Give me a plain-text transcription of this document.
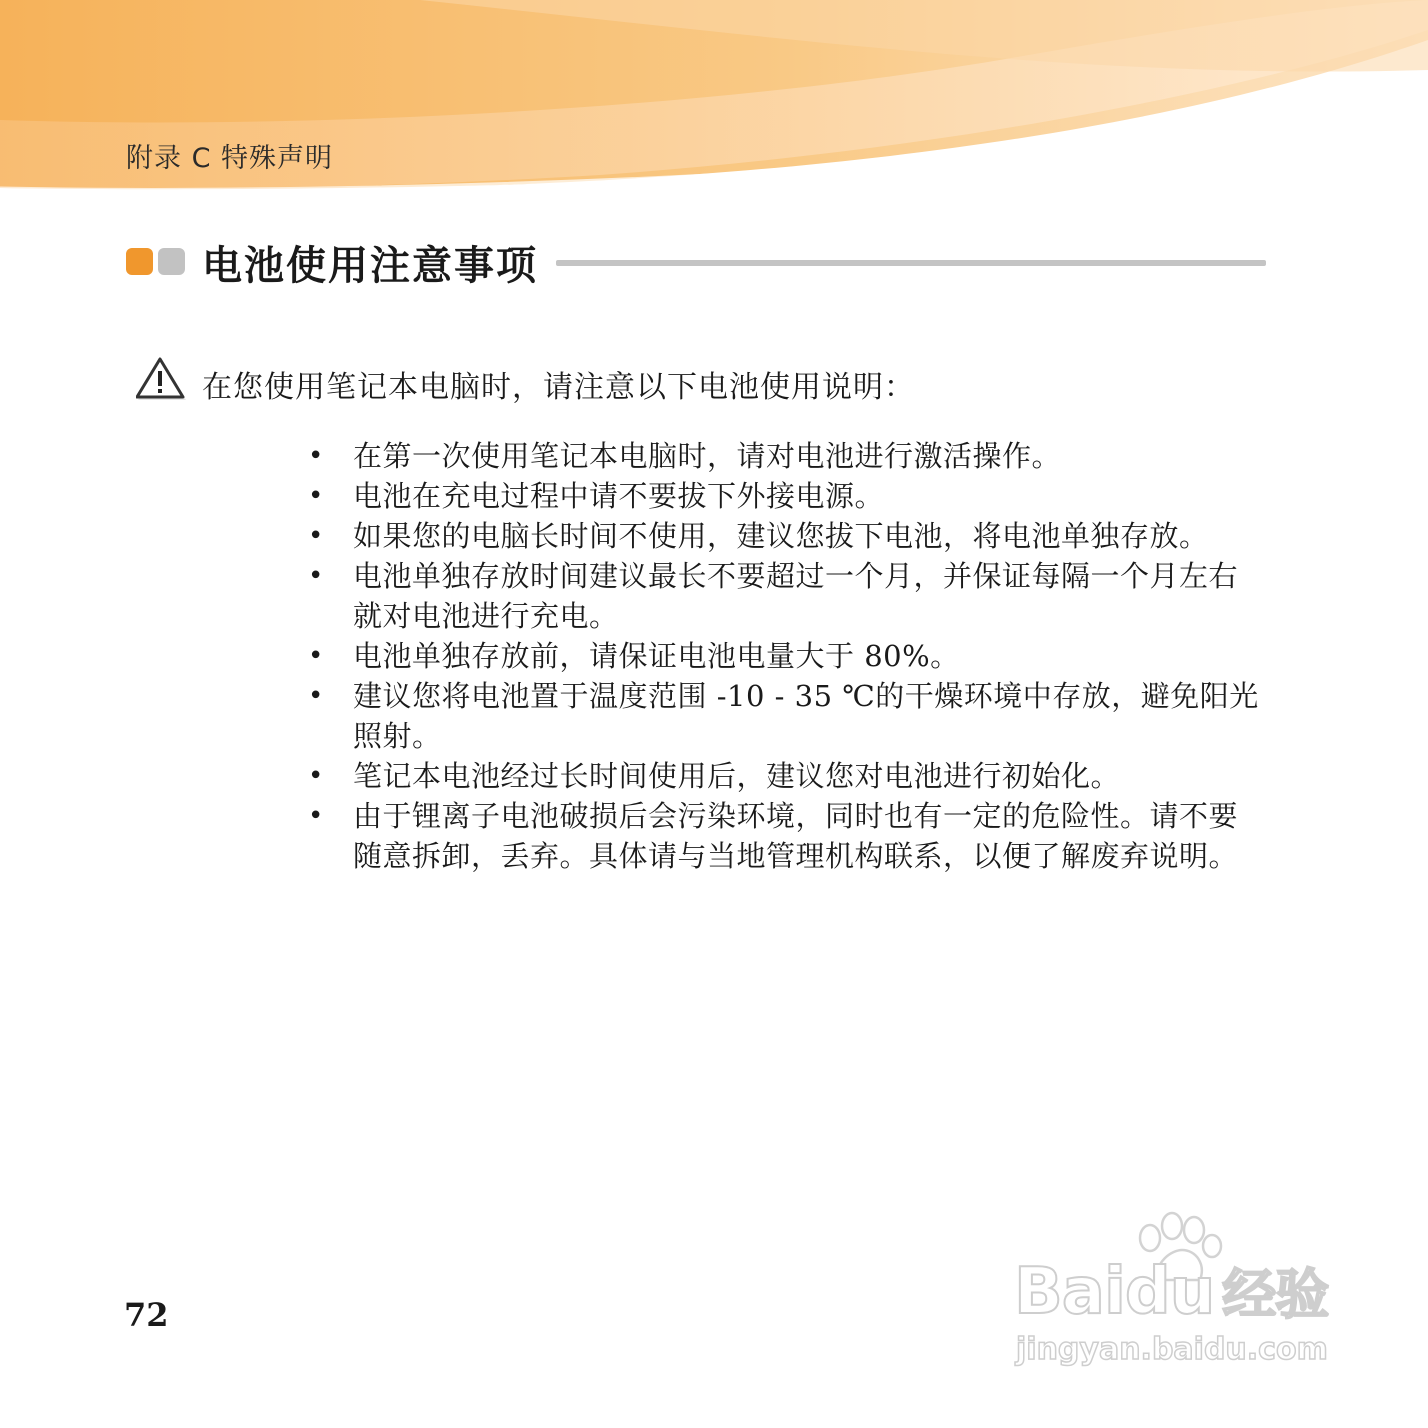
附录 C 特殊声明
电池使用注意事项
在您使用笔记本电脑时，请注意以下电池使用说明：
• 在第一次使用笔记本电脑时，请对电池进行激活操作。
• 电池在充电过程中请不要拔下外接电源。
• 如果您的电脑长时间不使用，建议您拔下电池，将电池单独存放。
• 电池单独存放时间建议最长不要超过一个月，并保证每隔一个月左右就对电池进行充电。
• 电池单独存放前，请保证电池电量大于 80%。
• 建议您将电池置于温度范围 -10 - 35 ℃的干燥环境中存放，避免阳光照射。
• 笔记本电池经过长时间使用后，建议您对电池进行初始化。
• 由于锂离子电池破损后会污染环境，同时也有一定的危险性。请不要随意拆卸，丢弃。具体请与当地管理机构联系，以便了解废弃说明。
72	Baidu 经验
jingyan.baidu.com
